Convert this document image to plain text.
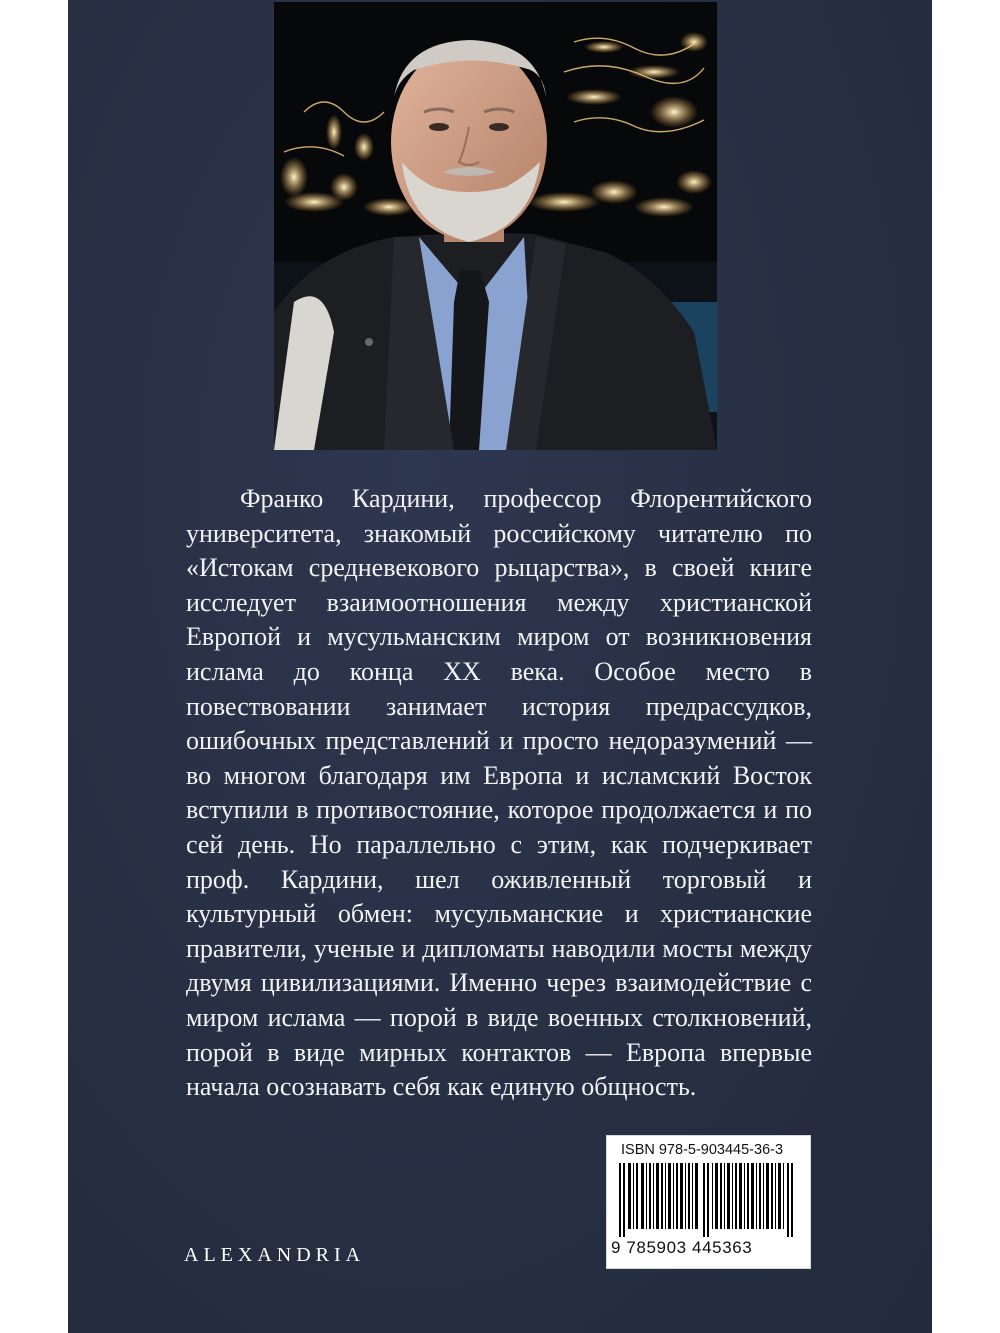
Франко Кардини, профессор Флорентийского университета, знакомый российскому читателю по «Истокам средневекового рыцарства», в своей книге исследует взаимоотношения между христианской Европой и мусульманским миром от возникновения ислама до конца XX века. Особое место в повествовании занимает история предрассудков, ошибочных представлений и просто недоразумений — во многом благодаря им Европа и исламский Восток вступили в противостояние, которое продолжается и по сей день. Но параллельно с этим, как подчеркивает проф. Кардини, шел оживленный торговый и культурный обмен: мусульманские и христианские правители, ученые и дипломаты наводили мосты между двумя цивилизациями. Именно через взаимодействие с миром ислама — порой в виде военных столкновений, порой в виде мирных контактов — Европа впервые начала осознавать себя как единую общность.

ALEXANDRIA
ISBN 978-5-903445-36-3
9 785903 445363
